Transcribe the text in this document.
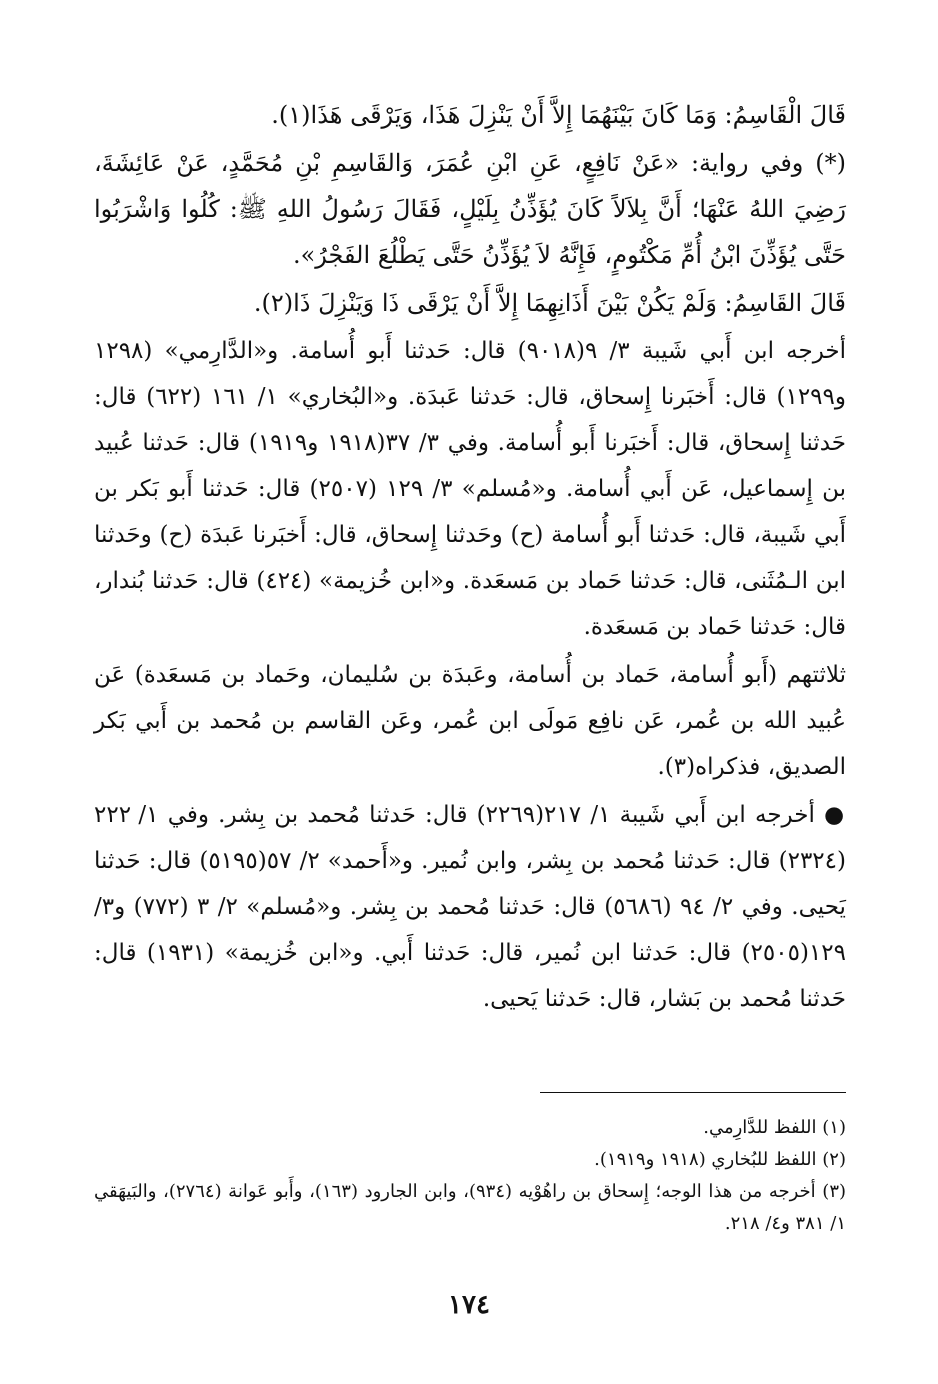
قَالَ الْقَاسِمُ: وَمَا كَانَ بَيْنَهُمَا إِلاَّ أَنْ يَنْزِلَ هَذَا، وَيَرْقَى هَذَا(١).

(*) وفي رواية: «عَنْ نَافِعٍ، عَنِ ابْنِ عُمَرَ، وَالقَاسِمِ بْنِ مُحَمَّدٍ، عَنْ عَائِشَةَ، رَضِيَ اللهُ عَنْهَا؛ أَنَّ بِلاَلاً كَانَ يُؤَذِّنُ بِلَيْلٍ، فَقَالَ رَسُولُ اللهِ ﷺ: كُلُوا وَاشْرَبُوا حَتَّى يُؤَذِّنَ ابْنُ أُمِّ مَكْتُومٍ، فَإِنَّهُ لاَ يُؤَذِّنُ حَتَّى يَطْلُعَ الفَجْرُ».

قَالَ القَاسِمُ: وَلَمْ يَكُنْ بَيْنَ أَذَانِهِمَا إِلاَّ أَنْ يَرْقَى ذَا وَيَنْزِلَ ذَا(٢).

أخرجه ابن أَبي شَيبة ٣/ ٩(٩٠١٨) قال: حَدثنا أَبو أُسامة. و«الدَّارِمي» (١٢٩٨ و١٢٩٩) قال: أَخبَرنا إِسحاق، قال: حَدثنا عَبدَة. و«البُخاري» ١/ ١٦١ (٦٢٢) قال: حَدثنا إِسحاق، قال: أَخبَرنا أَبو أُسامة. وفي ٣/ ٣٧(١٩١٨ و١٩١٩) قال: حَدثنا عُبيد بن إِسماعيل، عَن أَبي أُسامة. و«مُسلم» ٣/ ١٢٩ (٢٥٠٧) قال: حَدثنا أَبو بَكر بن أَبي شَيبة، قال: حَدثنا أَبو أُسامة (ح) وحَدثنا إِسحاق، قال: أَخبَرنا عَبدَة (ح) وحَدثنا ابن الـمُثَنى، قال: حَدثنا حَماد بن مَسعَدة. و«ابن خُزيمة» (٤٢٤) قال: حَدثنا بُندار، قال: حَدثنا حَماد بن مَسعَدة.

ثلاثتهم (أَبو أُسامة، حَماد بن أُسامة، وعَبدَة بن سُليمان، وحَماد بن مَسعَدة) عَن عُبيد الله بن عُمر، عَن نافِع مَولَى ابن عُمر، وعَن القاسم بن مُحمد بن أَبي بَكر الصديق، فذكراه(٣).

● أخرجه ابن أَبي شَيبة ١/ ٢١٧(٢٢٦٩) قال: حَدثنا مُحمد بن بِشر. وفي ١/ ٢٢٢ (٢٣٢٤) قال: حَدثنا مُحمد بن بِشر، وابن نُمير. و«أَحمد» ٢/ ٥٧(٥١٩٥) قال: حَدثنا يَحيى. وفي ٢/ ٩٤ (٥٦٨٦) قال: حَدثنا مُحمد بن بِشر. و«مُسلم» ٢/ ٣ (٧٧٢) و٣/ ١٢٩(٢٥٠٥) قال: حَدثنا ابن نُمير، قال: حَدثنا أَبي. و«ابن خُزيمة» (١٩٣١) قال: حَدثنا مُحمد بن بَشار، قال: حَدثنا يَحيى.

(١) اللفظ للدَّارِمي.

(٢) اللفظ للبُخاري (١٩١٨ و١٩١٩).

(٣) أخرجه من هذا الوجه؛ إِسحاق بن راهُوْيه (٩٣٤)، وابن الجارود (١٦٣)، وأَبو عَوانة (٢٧٦٤)، والبَيهَقي ١/ ٣٨١ و٤/ ٢١٨.

١٧٤
